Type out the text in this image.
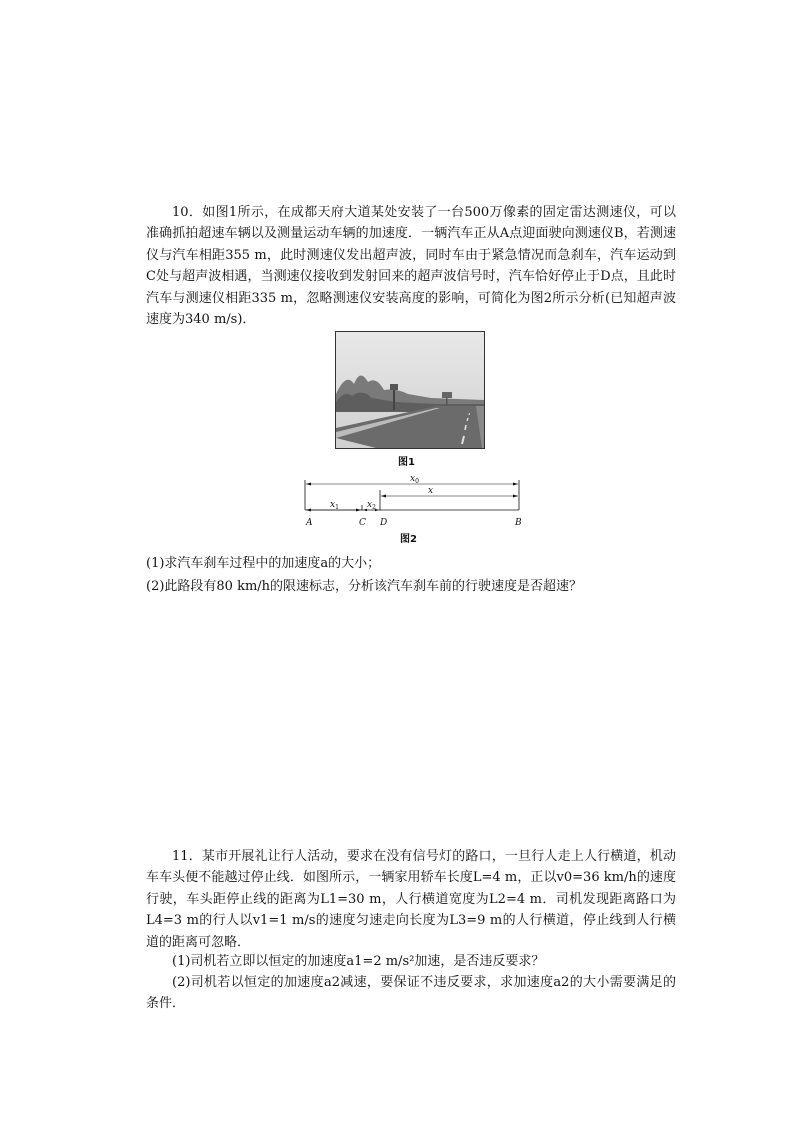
10．如图1所示，在成都天府大道某处安装了一台500万像素的固定雷达测速仪，可以准确抓拍超速车辆以及测量运动车辆的加速度．一辆汽车正从A点迎面驶向测速仪B，若测速仪与汽车相距355 m，此时测速仪发出超声波，同时车由于紧急情况而急刹车，汽车运动到C处与超声波相遇，当测速仪接收到发射回来的超声波信号时，汽车恰好停止于D点，且此时汽车与测速仪相距335 m，忽略测速仪安装高度的影响，可简化为图2所示分析(已知超声波速度为340 m/s)．
图1
$x_0$
x
$x_1$	$x_2$
A	C D	B
图2
(1)求汽车刹车过程中的加速度a的大小；
(2)此路段有80 km/h的限速标志，分析该汽车刹车前的行驶速度是否超速？
11．某市开展礼让行人活动，要求在没有信号灯的路口，一旦行人走上人行横道，机动车车头便不能越过停止线．如图所示，一辆家用轿车长度L=4 m，正以v0=36 km/h的速度行驶，车头距停止线的距离为L1=30 m，人行横道宽度为L2=4 m．司机发现距离路口为L4=3 m的行人以v1=1 m/s的速度匀速走向长度为L3=9 m的人行横道，停止线到人行横道的距离可忽略．
(1)司机若立即以恒定的加速度a1=2 m/s²加速，是否违反要求？
(2)司机若以恒定的加速度a2减速，要保证不违反要求，求加速度a2的大小需要满足的条件．
